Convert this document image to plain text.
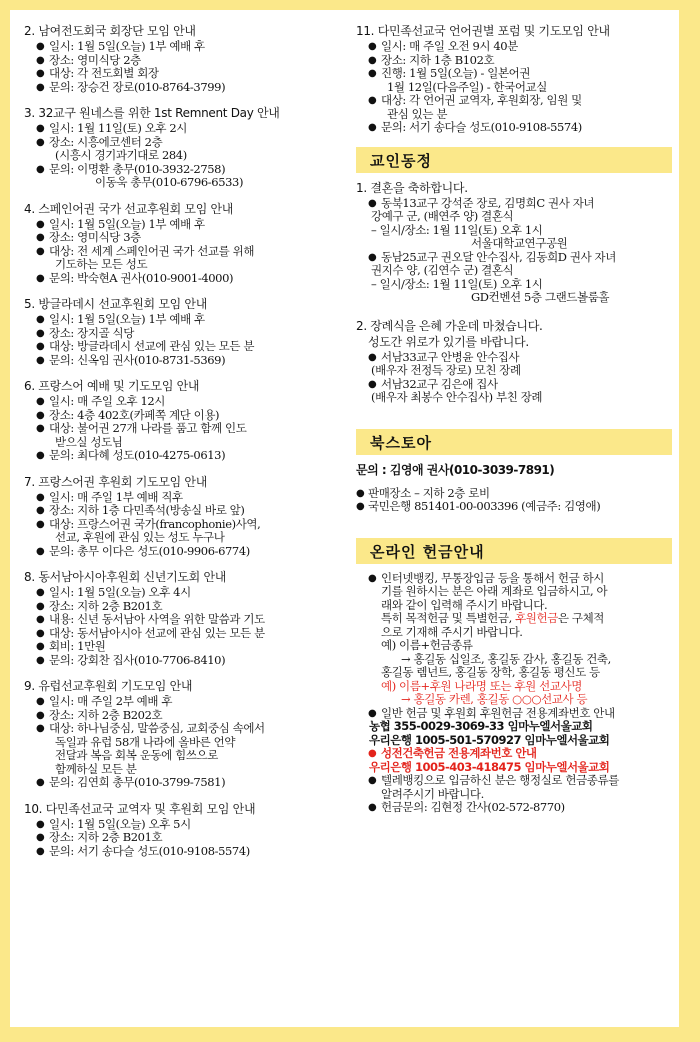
2. 남여전도회국 회장단 모임 안내
● 일시: 1월 5일(오늘) 1부 예배 후
● 장소: 영미식당 2층
● 대상: 각 전도회별 회장
● 문의: 장승건 장로(010-8764-3799)
3. 32교구 원네스를 위한 1st Remnent Day 안내
● 일시: 1월 11일(토) 오후 2시
● 장소: 시흥에코센터 2층
(시흥시 경기과기대로 284)
● 문의: 이명환 총무(010-3932-2758)
이동욱 총무(010-6796-6533)
4. 스페인어권 국가 선교후원회 모임 안내
● 일시: 1월 5일(오늘) 1부 예배 후
● 장소: 영미식당 3층
● 대상: 전 세계 스페인어권 국가 선교를 위해
기도하는 모든 성도
● 문의: 박숙현A 권사(010-9001-4000)
5. 방글라데시 선교후원회 모임 안내
● 일시: 1월 5일(오늘) 1부 예배 후
● 장소: 장지골 식당
● 대상: 방글라데시 선교에 관심 있는 모든 분
● 문의: 신옥임 권사(010-8731-5369)
6. 프랑스어 예배 및 기도모임 안내
● 일시: 매 주일 오후 12시
● 장소: 4층 402호(카페쪽 계단 이용)
● 대상: 불어권 27개 나라를 품고 함께 인도
받으실 성도님
● 문의: 최다혜 성도(010-4275-0613)
7. 프랑스어권 후원회 기도모임 안내
● 일시: 매 주일 1부 예배 직후
● 장소: 지하 1층 다민족석(방송실 바로 앞)
● 대상: 프랑스어권 국가(francophonie)사역,
선교, 후원에 관심 있는 성도 누구나
● 문의: 총무 이다은 성도(010-9906-6774)
8. 동서남아시아후원회 신년기도회 안내
● 일시: 1월 5일(오늘) 오후 4시
● 장소: 지하 2층 B201호
● 내용: 신년 동서남아 사역을 위한 말씀과 기도
● 대상: 동서남아시아 선교에 관심 있는 모든 분
● 회비: 1만원
● 문의: 강회찬 집사(010-7706-8410)
9. 유럽선교후원회 기도모임 안내
● 일시: 매 주일 2부 예배 후
● 장소: 지하 2층 B202호
● 대상: 하나님중심, 말씀중심, 교회중심 속에서
독일과 유럽 58개 나라에 올바른 언약
전달과 복음 회복 운동에 힘쓰으로
함께하실 모든 분
● 문의: 김연희 총무(010-3799-7581)
10. 다민족선교국 교역자 및 후원회 모임 안내
● 일시: 1월 5일(오늘) 오후 5시
● 장소: 지하 2층 B201호
● 문의: 서기 송다슬 성도(010-9108-5574)
11. 다민족선교국 언어권별 포럼 및 기도모임 안내
● 일시: 매 주일 오전 9시 40분
● 장소: 지하 1층 B102호
● 진행: 1월 5일(오늘) - 일본어권
1월 12일(다음주일) - 한국어교실
● 대상: 각 언어권 교역자, 후원회장, 임원 및
관심 있는 분
● 문의: 서기 송다슬 성도(010-9108-5574)
교인동정
1. 결혼을 축하합니다.
● 동북13교구 강석준 장로, 김명희C 권사 자녀
강예구 군, (배연주 양) 결혼식
– 일시/장소: 1월 11일(토) 오후 1시
서울대학교연구공원
● 동남25교구 권오달 안수집사, 김동희D 권사 자녀
권지수 양, (김연수 군) 결혼식
– 일시/장소: 1월 11일(토) 오후 1시
GD컨벤션 5층 그랜드볼룸홀
2. 장례식을 은혜 가운데 마쳤습니다.
성도간 위로가 있기를 바랍니다.
● 서남33교구 안병윤 안수집사
(배우자 전정득 장로) 모친 장례
● 서남32교구 김은애 집사
(배우자 최봉수 안수집사) 부친 장례
북스토아
문의 : 김영애 권사(010-3039-7891)
● 판매장소 – 지하 2층 로비
● 국민은행 851401-00-003396 (예금주: 김영애)
온라인 헌금안내
● 인터넷뱅킹, 무통장입금 등을 통해서 헌금 하시
기를 원하시는 분은 아래 계좌로 입금하시고, 아
래와 같이 입력해 주시기 바랍니다.
특히 목적헌금 및 특별헌금, 후원헌금은 구체적
으로 기재해 주시기 바랍니다.
예) 이름+헌금종류
→ 홍길동 십일조, 홍길동 감사, 홍길동 건축,
홍길동 렘넌트, 홍길동 장학, 홍길동 평신도 등
예) 이름+후원 나라명 또는 후원 선교사명
→ 홍길동 카렌, 홍길동 ○○○선교사 등
● 일반 헌금 및 후원회 후원헌금 전용계좌번호 안내
농협 355-0029-3069-33 임마누엘서울교회
우리은행 1005-501-570927 임마누엘서울교회
● 성전건축헌금 전용계좌번호 안내
우리은행 1005-403-418475 임마누엘서울교회
● 텔레뱅킹으로 입금하신 분은 행정실로 헌금종류를
알려주시기 바랍니다.
● 헌금문의: 김현정 간사(02-572-8770)
